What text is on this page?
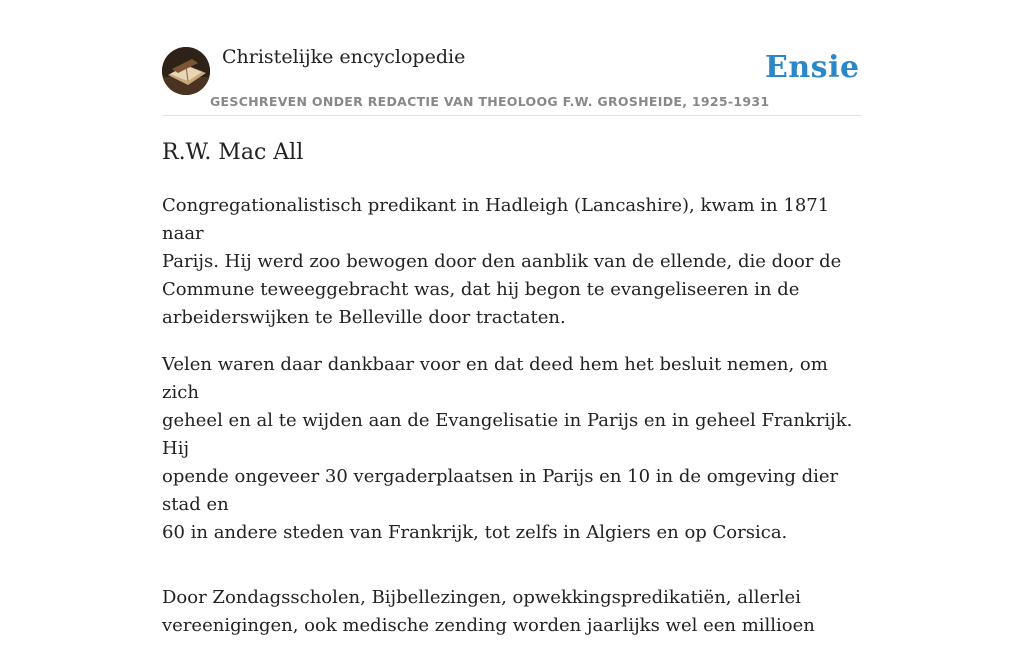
Christelijke encyclopedie	Ensie
GESCHREVEN ONDER REDACTIE VAN THEOLOOG F.W. GROSHEIDE, 1925-1931
R.W. Mac All

Congregationalistisch predikant in Hadleigh (Lancashire), kwam in 1871 naar
Parijs. Hij werd zoo bewogen door den aanblik van de ellende, die door de
Commune teweeggebracht was, dat hij begon te evangeliseeren in de
arbeiderswijken te Belleville door tractaten.

Velen waren daar dankbaar voor en dat deed hem het besluit nemen, om zich
geheel en al te wijden aan de Evangelisatie in Parijs en in geheel Frankrijk. Hij
opende ongeveer 30 vergaderplaatsen in Parijs en 10 in de omgeving dier stad en
60 in andere steden van Frankrijk, tot zelfs in Algiers en op Corsica.

Door Zondagsscholen, Bijbellezingen, opwekkingspredikatiën, allerlei
vereenigingen, ook medische zending worden jaarlijks wel een millioen
